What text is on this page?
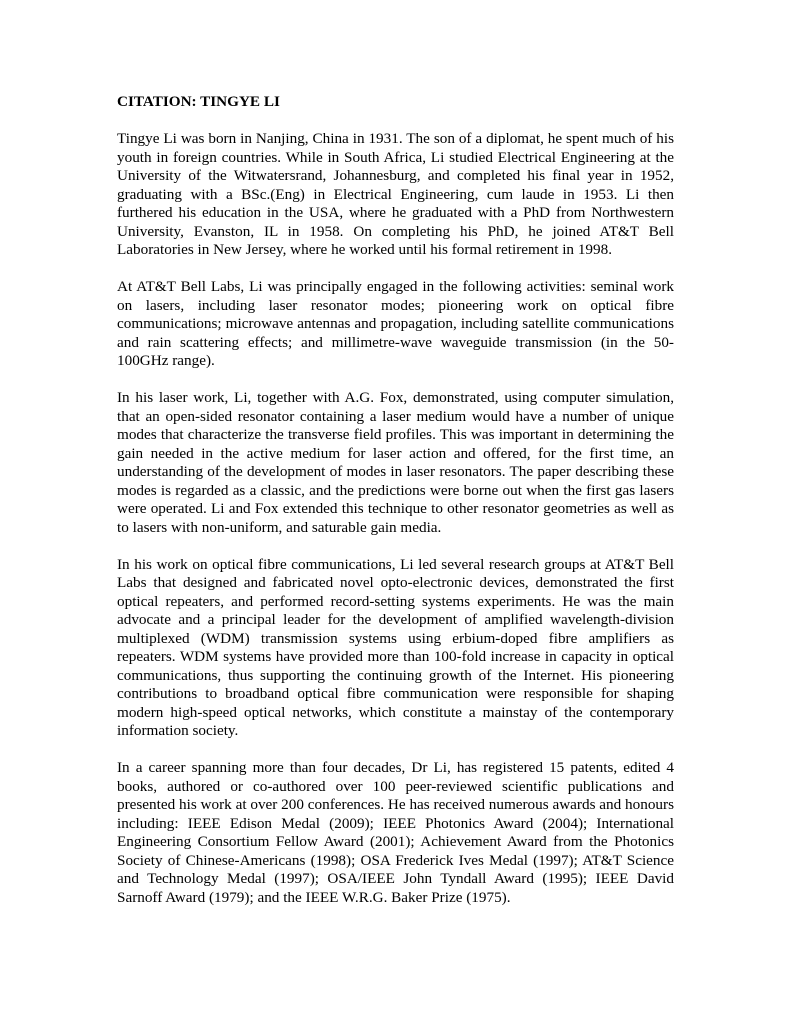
CITATION: TINGYE LI

Tingye Li was born in Nanjing, China in 1931. The son of a diplomat, he spent much of his youth in foreign countries. While in South Africa, Li studied Electrical Engineering at the University of the Witwatersrand, Johannesburg, and completed his final year in 1952, graduating with a BSc.(Eng) in Electrical Engineering, cum laude in 1953. Li then furthered his education in the USA, where he graduated with a PhD from Northwestern University, Evanston, IL in 1958. On completing his PhD, he joined AT&T Bell Laboratories in New Jersey, where he worked until his formal retirement in 1998.

At AT&T Bell Labs, Li was principally engaged in the following activities: seminal work on lasers, including laser resonator modes; pioneering work on optical fibre communications; microwave antennas and propagation, including satellite communications and rain scattering effects; and millimetre-wave waveguide transmission (in the 50-100GHz range).

In his laser work, Li, together with A.G. Fox, demonstrated, using computer simulation, that an open-sided resonator containing a laser medium would have a number of unique modes that characterize the transverse field profiles. This was important in determining the gain needed in the active medium for laser action and offered, for the first time, an understanding of the development of modes in laser resonators. The paper describing these modes is regarded as a classic, and the predictions were borne out when the first gas lasers were operated. Li and Fox extended this technique to other resonator geometries as well as to lasers with non-uniform, and saturable gain media.

In his work on optical fibre communications, Li led several research groups at AT&T Bell Labs that designed and fabricated novel opto-electronic devices, demonstrated the first optical repeaters, and performed record-setting systems experiments. He was the main advocate and a principal leader for the development of amplified wavelength-division multiplexed (WDM) transmission systems using erbium-doped fibre amplifiers as repeaters. WDM systems have provided more than 100-fold increase in capacity in optical communications, thus supporting the continuing growth of the Internet. His pioneering contributions to broadband optical fibre communication were responsible for shaping modern high-speed optical networks, which constitute a mainstay of the contemporary information society.

In a career spanning more than four decades, Dr Li, has registered 15 patents, edited 4 books, authored or co-authored over 100 peer-reviewed scientific publications and presented his work at over 200 conferences. He has received numerous awards and honours including: IEEE Edison Medal (2009); IEEE Photonics Award (2004); International Engineering Consortium Fellow Award (2001); Achievement Award from the Photonics Society of Chinese-Americans (1998); OSA Frederick Ives Medal (1997); AT&T Science and Technology Medal (1997); OSA/IEEE John Tyndall Award (1995); IEEE David Sarnoff Award (1979); and the IEEE W.R.G. Baker Prize (1975).
